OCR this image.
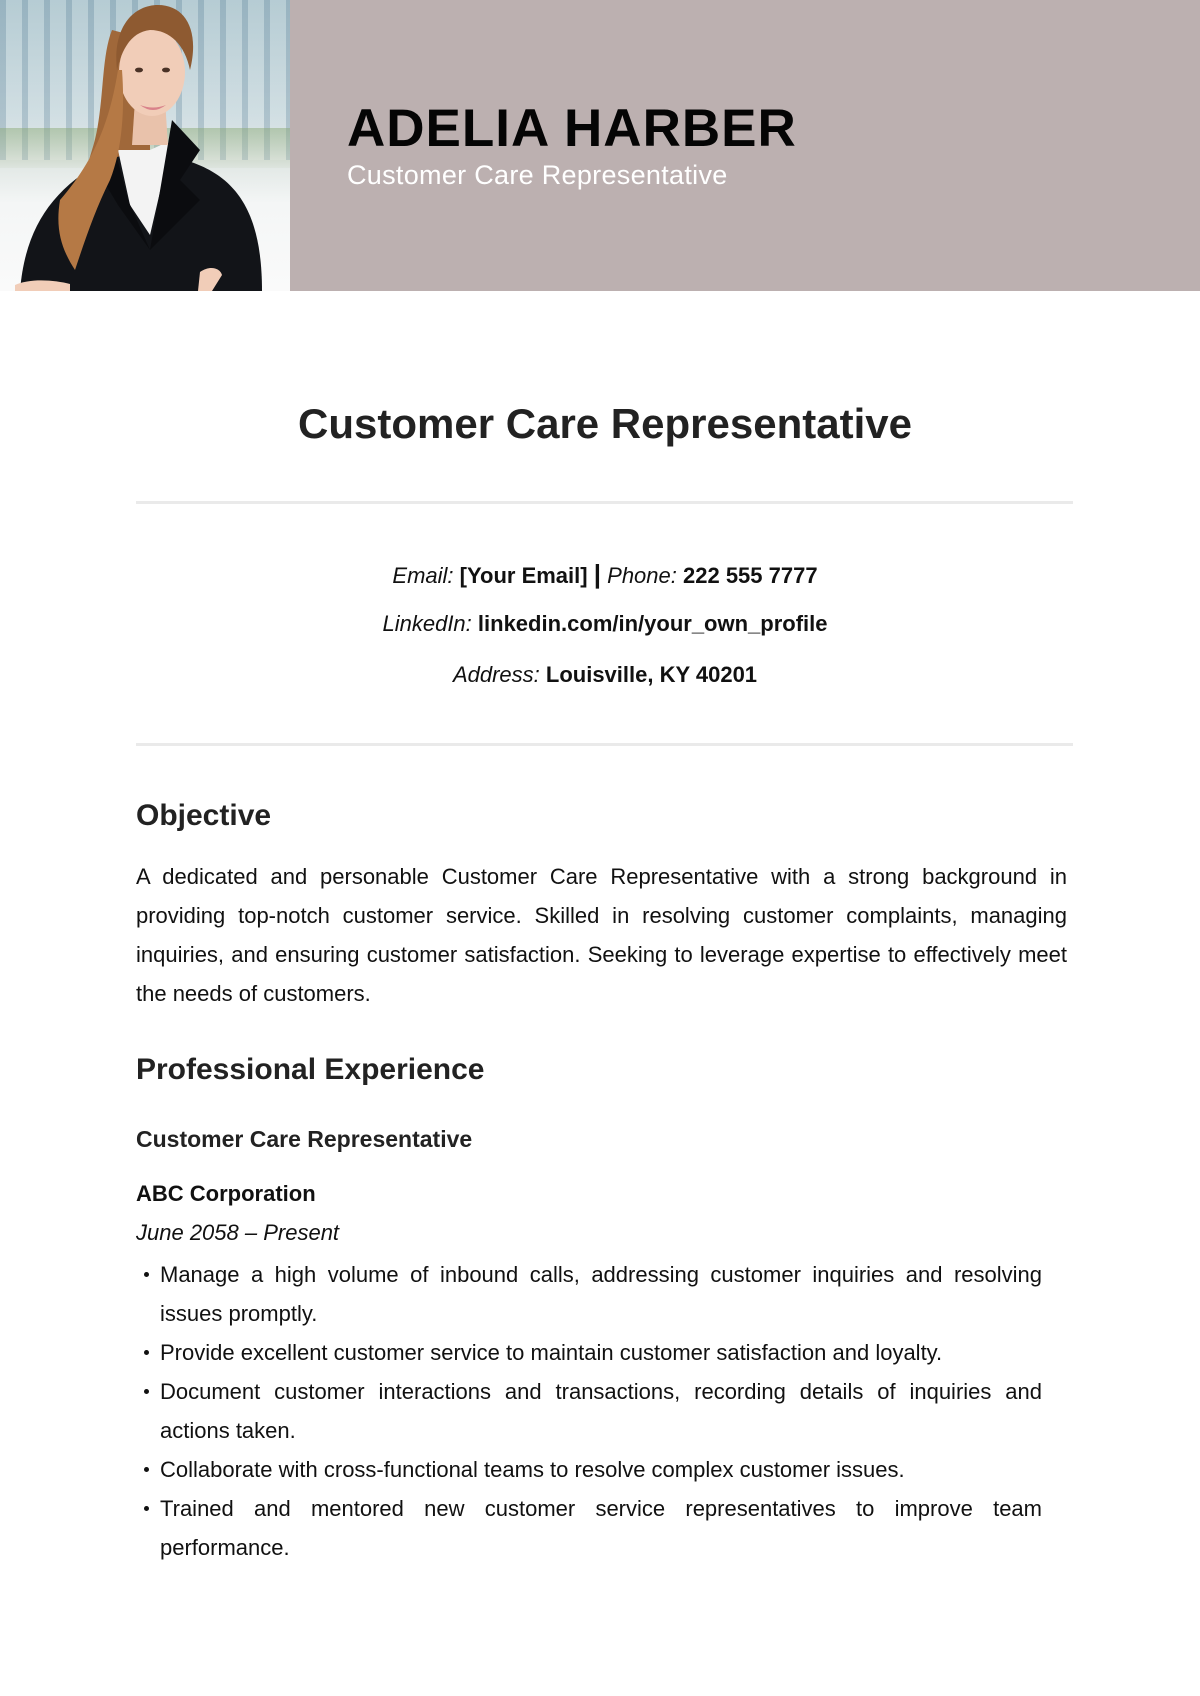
ADELIA HARBER
Customer Care Representative
Customer Care Representative
Email: [Your Email] | Phone: 222 555 7777
LinkedIn: linkedin.com/in/your_own_profile
Address: Louisville, KY 40201
Objective

A dedicated and personable Customer Care Representative with a strong background in providing top-notch customer service. Skilled in resolving customer complaints, managing inquiries, and ensuring customer satisfaction. Seeking to leverage expertise to effectively meet the needs of customers.

Professional Experience
Customer Care Representative
ABC Corporation
June 2058 – Present
Manage a high volume of inbound calls, addressing customer inquiries and resolving issues promptly.
Provide excellent customer service to maintain customer satisfaction and loyalty.
Document customer interactions and transactions, recording details of inquiries and actions taken.
Collaborate with cross-functional teams to resolve complex customer issues.
Trained and mentored new customer service representatives to improve team performance.
